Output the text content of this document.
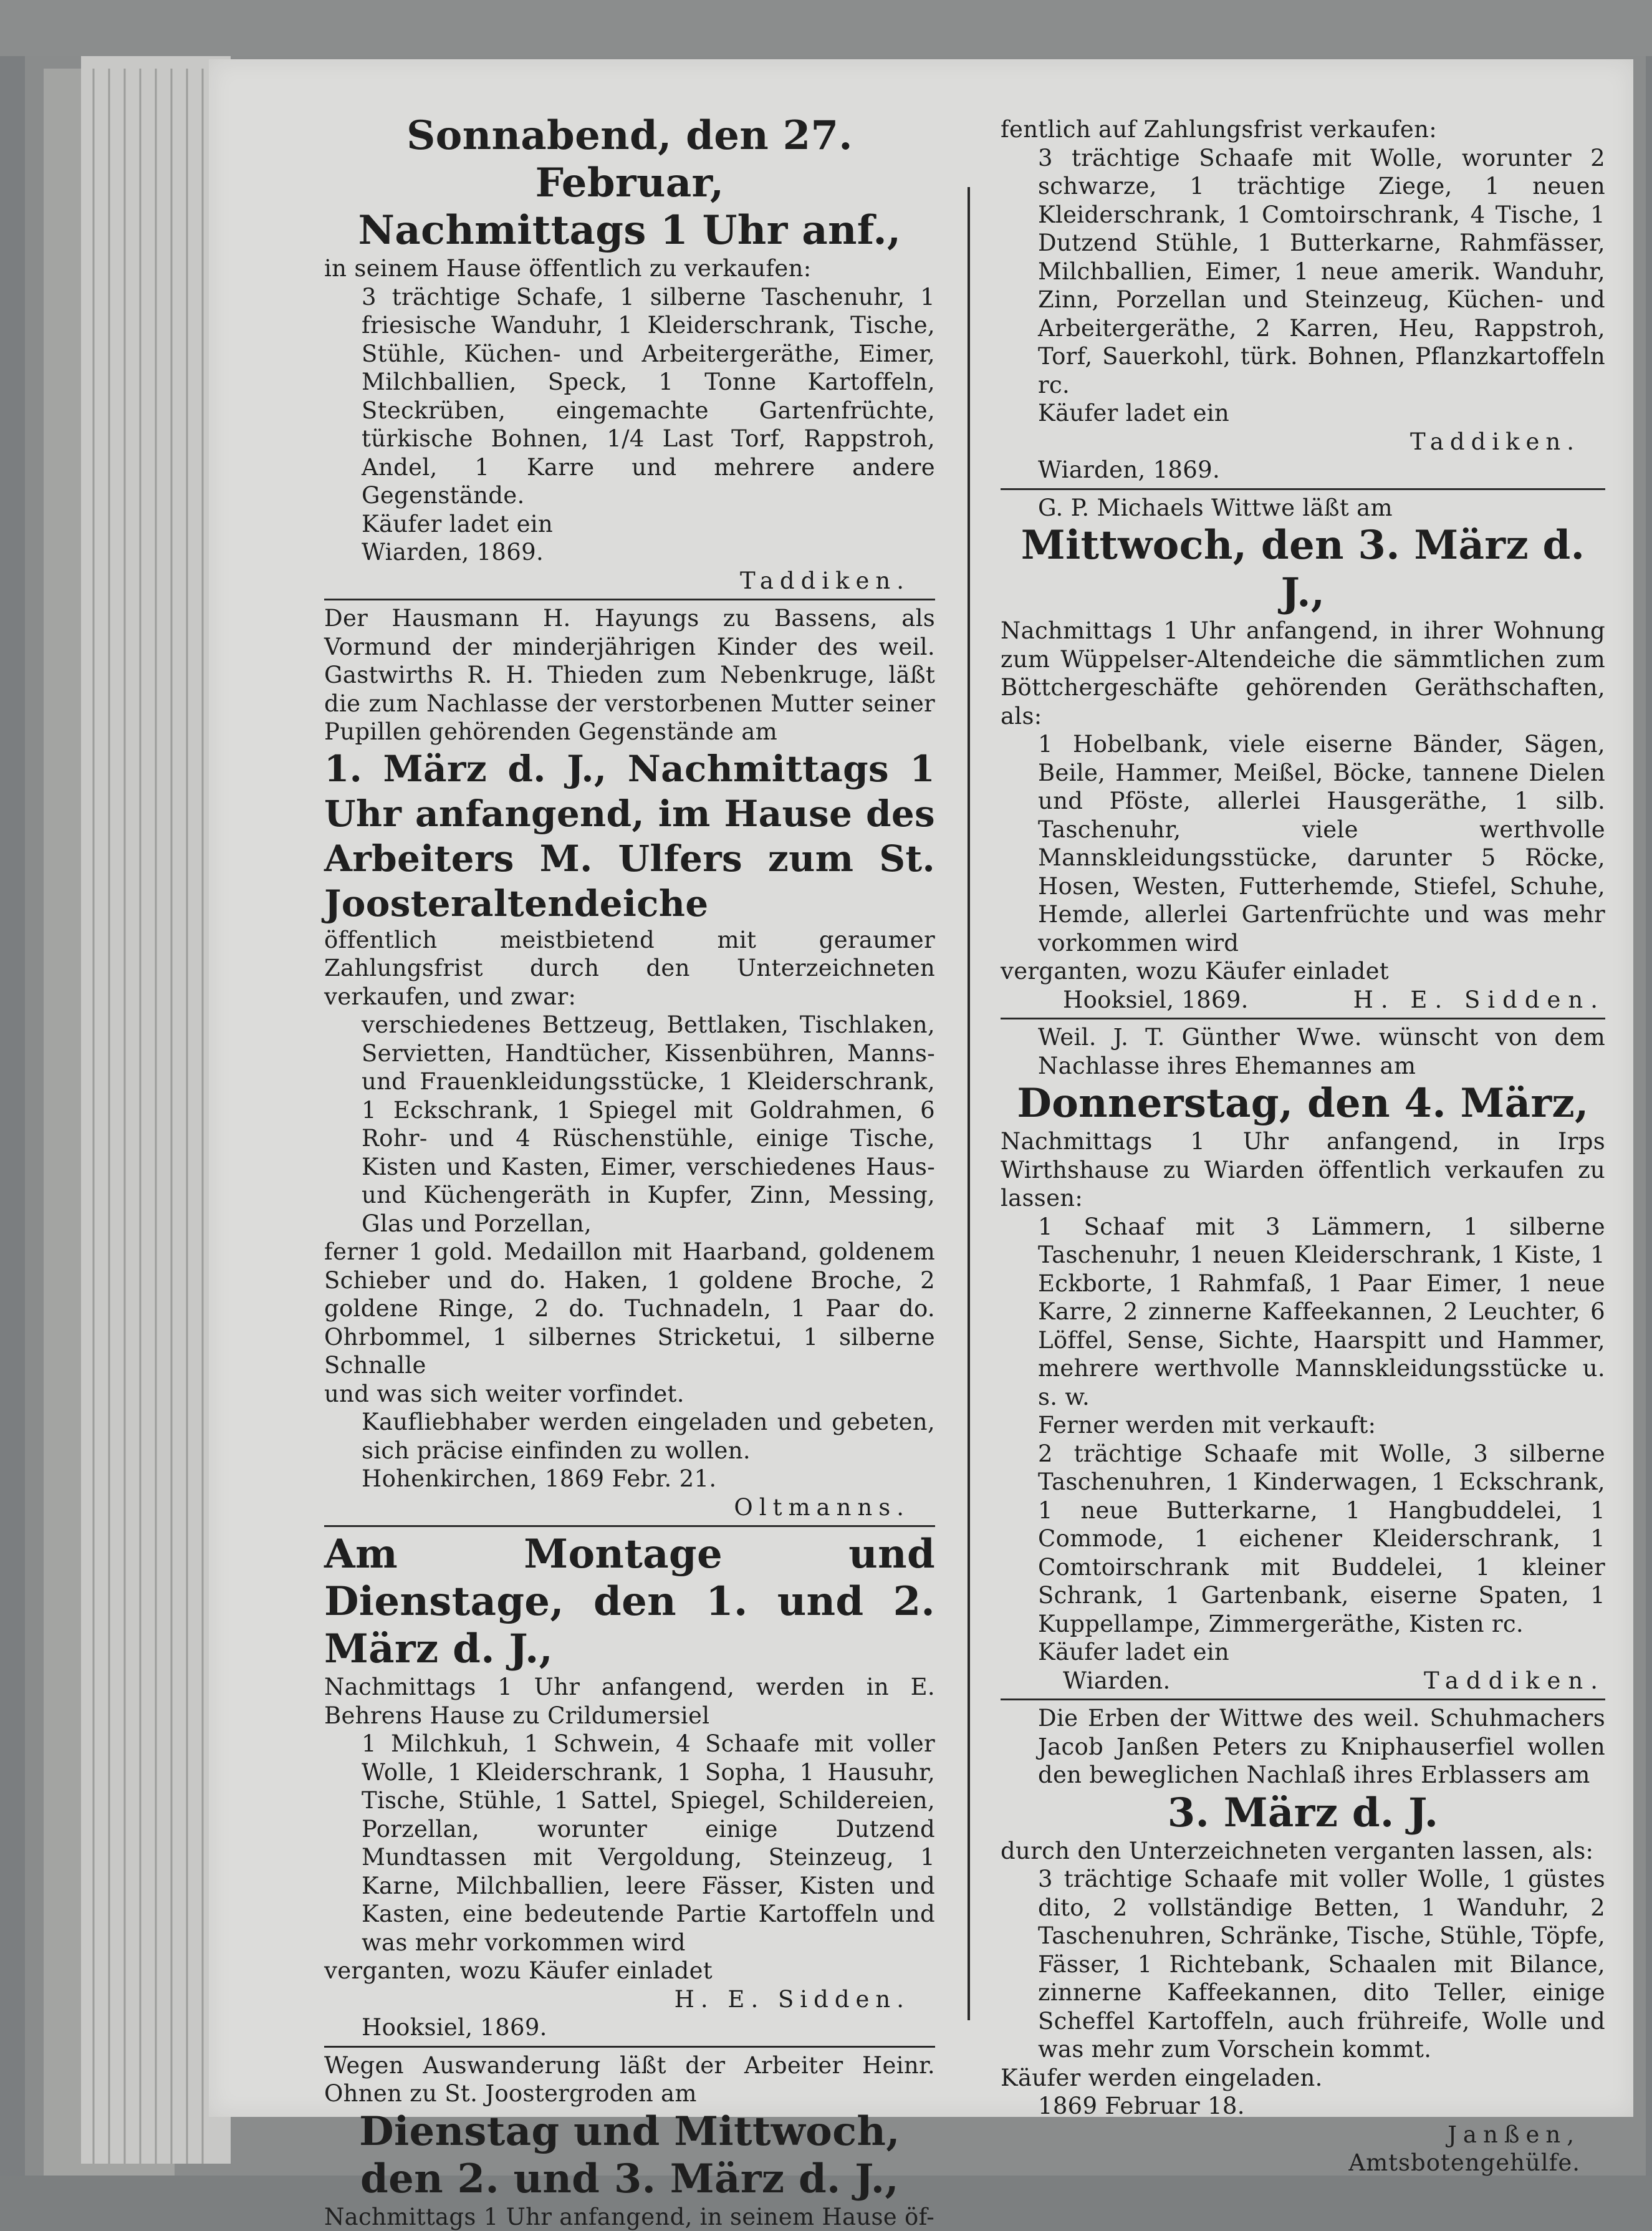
Sonnabend, den 27. Februar,

Nachmittags 1 Uhr anf.,

in seinem Hause öffentlich zu verkaufen:

3 trächtige Schafe, 1 silberne Taschenuhr, 1 friesische Wanduhr, 1 Kleiderschrank, Tische, Stühle, Küchen- und Arbeitergeräthe, Eimer, Milchballien, Speck, 1 Tonne Kartoffeln, Steckrüben, eingemachte Gartenfrüchte, türkische Bohnen, 1/4 Last Torf, Rappstroh, Andel, 1 Karre und mehrere andere Gegenstände.

Käufer ladet ein

Wiarden, 1869.

Taddiken.

Der Hausmann H. Hayungs zu Bassens, als Vormund der minderjährigen Kinder des weil. Gastwirths R. H. Thieden zum Nebenkruge, läßt die zum Nachlasse der verstorbenen Mutter seiner Pupillen gehörenden Gegenstände am

1. März d. J., Nachmittags 1 Uhr anfangend, im Hause des Arbeiters M. Ulfers zum St. Joosteraltendeiche

öffentlich meistbietend mit geraumer Zahlungsfrist durch den Unterzeichneten verkaufen, und zwar:

verschiedenes Bettzeug, Bettlaken, Tischlaken, Servietten, Handtücher, Kissenbühren, Manns- und Frauenkleidungsstücke, 1 Kleiderschrank, 1 Eckschrank, 1 Spiegel mit Goldrahmen, 6 Rohr- und 4 Rüschenstühle, einige Tische, Kisten und Kasten, Eimer, verschiedenes Haus- und Küchengeräth in Kupfer, Zinn, Messing, Glas und Porzellan,

ferner 1 gold. Medaillon mit Haarband, goldenem Schieber und do. Haken, 1 goldene Broche, 2 goldene Ringe, 2 do. Tuchnadeln, 1 Paar do. Ohrbommel, 1 silbernes Stricketui, 1 silberne Schnalle

und was sich weiter vorfindet.

Kaufliebhaber werden eingeladen und gebeten, sich präcise einfinden zu wollen.

Hohenkirchen, 1869 Febr. 21.

Oltmanns.

Am Montage und Dienstage, den 1. und 2. März d. J.,

Nachmittags 1 Uhr anfangend, werden in E. Behrens Hause zu Crildumersiel

1 Milchkuh, 1 Schwein, 4 Schaafe mit voller Wolle, 1 Kleiderschrank, 1 Sopha, 1 Hausuhr, Tische, Stühle, 1 Sattel, Spiegel, Schildereien, Porzellan, worunter einige Dutzend Mundtassen mit Vergoldung, Steinzeug, 1 Karne, Milchballien, leere Fässer, Kisten und Kasten, eine bedeutende Partie Kartoffeln und was mehr vorkommen wird

verganten, wozu Käufer einladet

H. E. Sidden.

Hooksiel, 1869.

Wegen Auswanderung läßt der Arbeiter Heinr. Ohnen zu St. Joostergroden am

Dienstag und Mittwoch, den 2. und 3. März d. J.,

Nachmittags 1 Uhr anfangend, in seinem Hause öf-

fentlich auf Zahlungsfrist verkaufen:

3 trächtige Schaafe mit Wolle, worunter 2 schwarze, 1 trächtige Ziege, 1 neuen Kleiderschrank, 1 Comtoirschrank, 4 Tische, 1 Dutzend Stühle, 1 Butterkarne, Rahmfässer, Milchballien, Eimer, 1 neue amerik. Wanduhr, Zinn, Porzellan und Steinzeug, Küchen- und Arbeitergeräthe, 2 Karren, Heu, Rappstroh, Torf, Sauerkohl, türk. Bohnen, Pflanzkartoffeln rc.

Käufer ladet ein

Taddiken.

Wiarden, 1869.

G. P. Michaels Wittwe läßt am

Mittwoch, den 3. März d. J.,

Nachmittags 1 Uhr anfangend, in ihrer Wohnung zum Wüppelser-Altendeiche die sämmtlichen zum Böttchergeschäfte gehörenden Geräthschaften, als:

1 Hobelbank, viele eiserne Bänder, Sägen, Beile, Hammer, Meißel, Böcke, tannene Dielen und Pföste, allerlei Hausgeräthe, 1 silb. Taschenuhr, viele werthvolle Mannskleidungsstücke, darunter 5 Röcke, Hosen, Westen, Futterhemde, Stiefel, Schuhe, Hemde, allerlei Gartenfrüchte und was mehr vorkommen wird

verganten, wozu Käufer einladet

Hooksiel, 1869.	H. E. Sidden.

Weil. J. T. Günther Wwe. wünscht von dem Nachlasse ihres Ehemannes am

Donnerstag, den 4. März,

Nachmittags 1 Uhr anfangend, in Irps Wirthshause zu Wiarden öffentlich verkaufen zu lassen:

1 Schaaf mit 3 Lämmern, 1 silberne Taschenuhr, 1 neuen Kleiderschrank, 1 Kiste, 1 Eckborte, 1 Rahmfaß, 1 Paar Eimer, 1 neue Karre, 2 zinnerne Kaffeekannen, 2 Leuchter, 6 Löffel, Sense, Sichte, Haarspitt und Hammer, mehrere werthvolle Mannskleidungsstücke u. s. w.

Ferner werden mit verkauft:

2 trächtige Schaafe mit Wolle, 3 silberne Taschenuhren, 1 Kinderwagen, 1 Eckschrank, 1 neue Butterkarne, 1 Hangbuddelei, 1 Commode, 1 eichener Kleiderschrank, 1 Comtoirschrank mit Buddelei, 1 kleiner Schrank, 1 Gartenbank, eiserne Spaten, 1 Kuppellampe, Zimmergeräthe, Kisten rc.

Käufer ladet ein

Wiarden.	Taddiken.

Die Erben der Wittwe des weil. Schuhmachers Jacob Janßen Peters zu Kniphauserfiel wollen den beweglichen Nachlaß ihres Erblassers am

3. März d. J.

durch den Unterzeichneten verganten lassen, als:

3 trächtige Schaafe mit voller Wolle, 1 güstes dito, 2 vollständige Betten, 1 Wanduhr, 2 Taschenuhren, Schränke, Tische, Stühle, Töpfe, Fässer, 1 Richtebank, Schaalen mit Bilance, zinnerne Kaffeekannen, dito Teller, einige Scheffel Kartoffeln, auch frühreife, Wolle und was mehr zum Vorschein kommt.

Käufer werden eingeladen.

1869 Februar 18.

Janßen,

Amtsbotengehülfe.
